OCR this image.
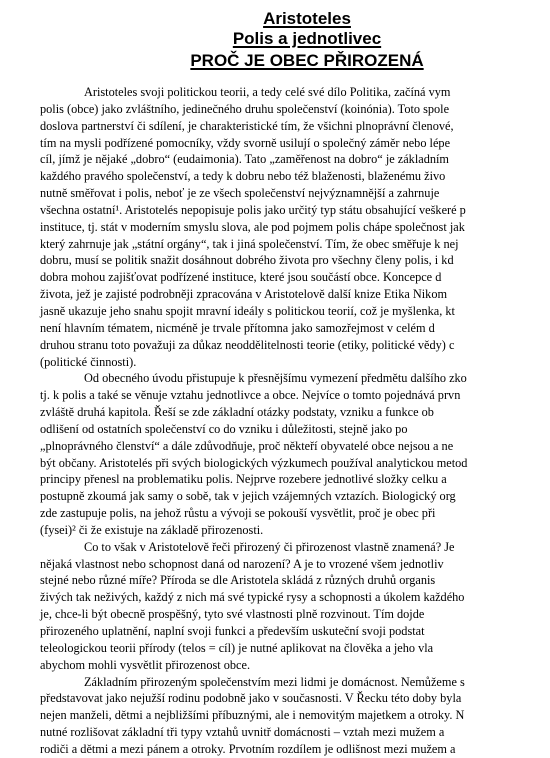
Aristoteles
Polis a jednotlivec
PROČ JE OBEC PŘIROZENÁ
Aristoteles svoji politickou teorii, a tedy celé své dílo Politika, začíná vym
polis (obce) jako zvláštního, jedinečného druhu společenství (koinónia). Toto spole
doslova partnerství či sdílení, je charakteristické tím, že všichni plnoprávní členové,
tím na mysli podřízené pomocníky, vždy svorně usilují o společný záměr nebo lépe
cíl, jímž je nějaké „dobro“ (eudaimonia). Tato „zaměřenost na dobro“ je základním
každého pravého společenství, a tedy k dobru nebo též blaženosti, blaženému živo
nutně směřovat i polis, neboť je ze všech společenství nejvýznamnější a zahrnuje
všechna ostatní¹. Aristotelés nepopisuje polis jako určitý typ státu obsahující veškeré p
instituce, tj. stát v moderním smyslu slova, ale pod pojmem polis chápe společnost jak
který zahrnuje jak „státní orgány“, tak i jiná společenství. Tím, že obec směřuje k nej
dobru, musí se politik snažit dosáhnout dobrého života pro všechny členy polis, i kd
dobra mohou zajišťovat podřízené instituce, které jsou součástí obce. Koncepce d
života, jež je zajisté podrobněji zpracována v Aristotelově další knize Etika Nikom
jasně ukazuje jeho snahu spojit mravní ideály s politickou teorií, což je myšlenka, kt
není hlavním tématem, nicméně je trvale přítomna jako samozřejmost v celém d
druhou stranu toto považuji za důkaz neoddělitelnosti teorie (etiky, politické vědy) c
(politické činnosti).
Od obecného úvodu přistupuje k přesnějšímu vymezení předmětu dalšího zko
tj. k polis a také se věnuje vztahu jednotlivce a obce. Nejvíce o tomto pojednává prvn
zvláště druhá kapitola. Řeší se zde základní otázky podstaty, vzniku a funkce ob
odlišení od ostatních společenství co do vzniku i důležitosti, stejně jako po
„plnoprávného členství“ a dále zdůvodňuje, proč někteří obyvatelé obce nejsou a ne
být občany. Aristotelés při svých biologických výzkumech používal analytickou metod
principy přenesl na problematiku polis. Nejprve rozebere jednotlivé složky celku a
postupně zkoumá jak samy o sobě, tak v jejich vzájemných vztazích. Biologický org
zde zastupuje polis, na jehož růstu a vývoji se pokouší vysvětlit, proč je obec při
(fysei)² či že existuje na základě přirozenosti.
Co to však v Aristotelově řeči přirozený či přirozenost vlastně znamená? Je
nějaká vlastnost nebo schopnost daná od narození? A je to vrozené všem jednotliv
stejné nebo různé míře? Příroda se dle Aristotela skládá z různých druhů organis
živých tak neživých, každý z nich má své typické rysy a schopnosti a úkolem každého
je, chce-li být obecně prospěšný, tyto své vlastnosti plně rozvinout. Tím dojde
přirozeného uplatnění, naplní svoji funkci a především uskuteční svoji podstat
teleologickou teorii přírody (telos = cíl) je nutné aplikovat na člověka a jeho vla
abychom mohli vysvětlit přirozenost obce.
Základním přirozeným společenstvím mezi lidmi je domácnost. Nemůžeme s
představovat jako nejužší rodinu podobně jako v současnosti. V Řecku této doby byla
nejen manželi, dětmi a nejbližšími příbuznými, ale i nemovitým majetkem a otroky. N
nutné rozlišovat základní tři typy vztahů uvnitř domácnosti – vztah mezi mužem a
rodiči a dětmi a mezi pánem a otroky. Prvotním rozdílem je odlišnost mezi mužem a
